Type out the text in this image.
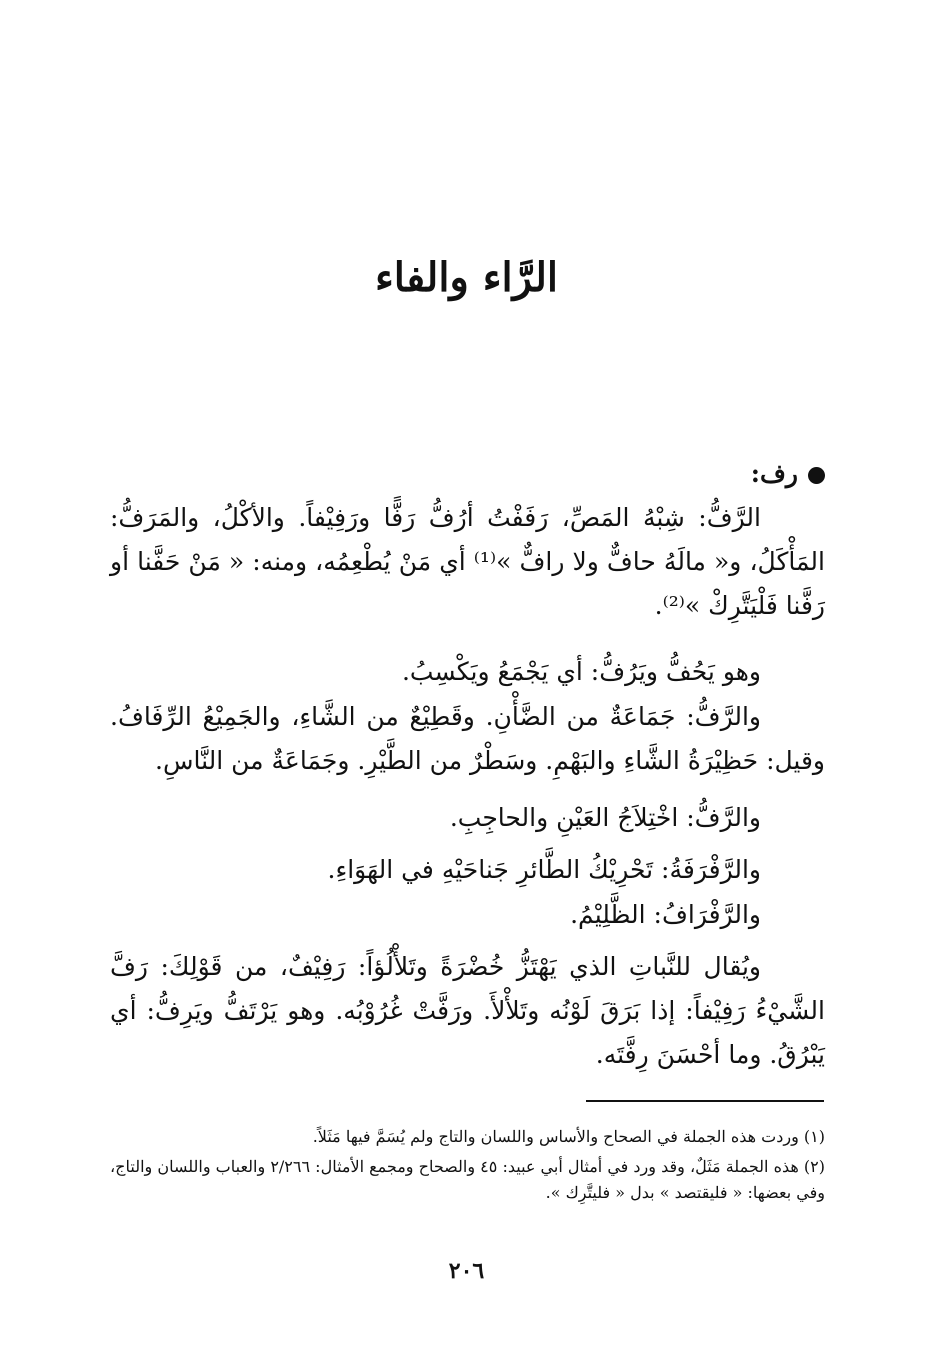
الرَّاء والفاء
رف:

الرَّفُّ: شِبْهُ المَصِّ، رَفَفْتُ أرُفُّ رَفًّا ورَفِيْفاً. والأكْلُ، والمَرَفُّ: المَأْكَلُ، و« مالَهُ حافٌّ ولا رافٌّ »⁽¹⁾ أي مَنْ يُطْعِمُه، ومنه: « مَنْ حَفَّنا أو رَفَّنا فَلْيَتَّرِكْ »⁽²⁾.

وهو يَحُفُّ ويَرُفُّ: أي يَجْمَعُ ويَكْسِبُ.

والرَّفُّ: جَمَاعَةٌ من الضَّأْنِ. وقَطِيْعٌ من الشَّاءِ، والجَمِيْعُ الرِّفَافُ. وقيل: حَظِيْرَةُ الشَّاءِ والبَهْمِ. وسَطْرٌ من الطَّيْرِ. وجَمَاعَةٌ من النَّاسِ.

والرَّفُّ: اخْتِلاَجُ العَيْنِ والحاجِبِ.

والرَّفْرَفَةُ: تَحْرِيْكُ الطَّائرِ جَناحَيْهِ في الهَوَاءِ.

والرَّفْرَافُ: الظَّلِيْمُ.

ويُقال للنَّباتِ الذي يَهْتَزُّ خُضْرَةً وتَلأْلُؤاً: رَفِيْفٌ، من قَوْلِكَ: رَفَّ الشَّيْءُ رَفِيْفاً: إذا بَرَقَ لَوْنُه وتَلأْلأَ. ورَفَّتْ غُرُوْبُه. وهو يَرْتَفُّ ويَرِفُّ: أي يَبْرُقُ. وما أحْسَنَ رِفَّتَه.

(١) وردت هذه الجملة في الصحاح والأساس واللسان والتاج ولم يُسَمَّ فيها مَثَلاً.

(٢) هذه الجملة مَثَلٌ، وقد ورد في أمثال أبي عبيد: ٤٥ والصحاح ومجمع الأمثال: ٢/٢٦٦ والعباب واللسان والتاج، وفي بعضها: « فليقتصد » بدل « فليتَّرِك ».

٢٠٦
